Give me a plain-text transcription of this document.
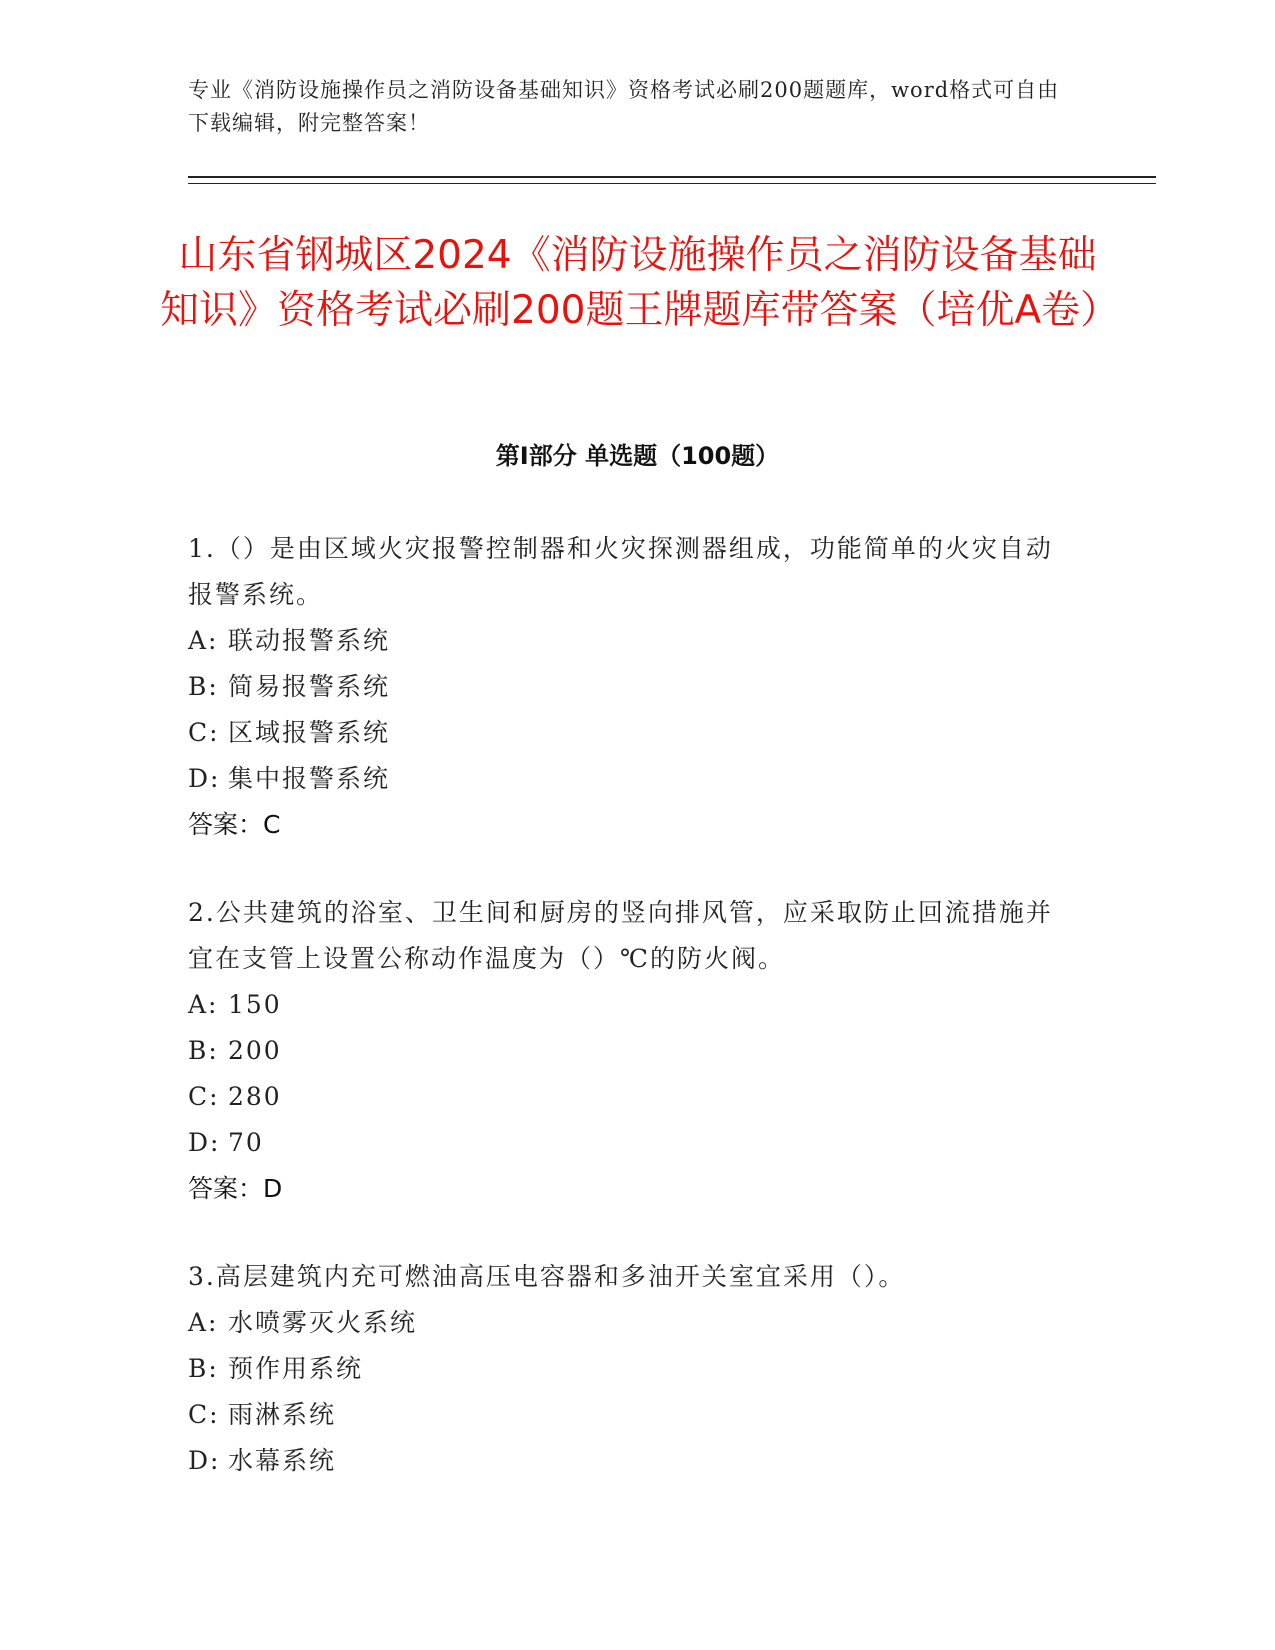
专业《消防设施操作员之消防设备基础知识》资格考试必刷200题题库，word格式可自由下载编辑，附完整答案！
山东省钢城区2024《消防设施操作员之消防设备基础知识》资格考试必刷200题王牌题库带答案（培优A卷）
第Ⅰ部分 单选题（100题）
1.（）是由区域火灾报警控制器和火灾探测器组成，功能简单的火灾自动报警系统。
A: 联动报警系统
B: 简易报警系统
C: 区域报警系统
D: 集中报警系统
答案：C
2.公共建筑的浴室、卫生间和厨房的竖向排风管，应采取防止回流措施并宜在支管上设置公称动作温度为（）℃的防火阀。
A: 150
B: 200
C: 280
D: 70
答案：D
3.高层建筑内充可燃油高压电容器和多油开关室宜采用（）。
A: 水喷雾灭火系统
B: 预作用系统
C: 雨淋系统
D: 水幕系统
